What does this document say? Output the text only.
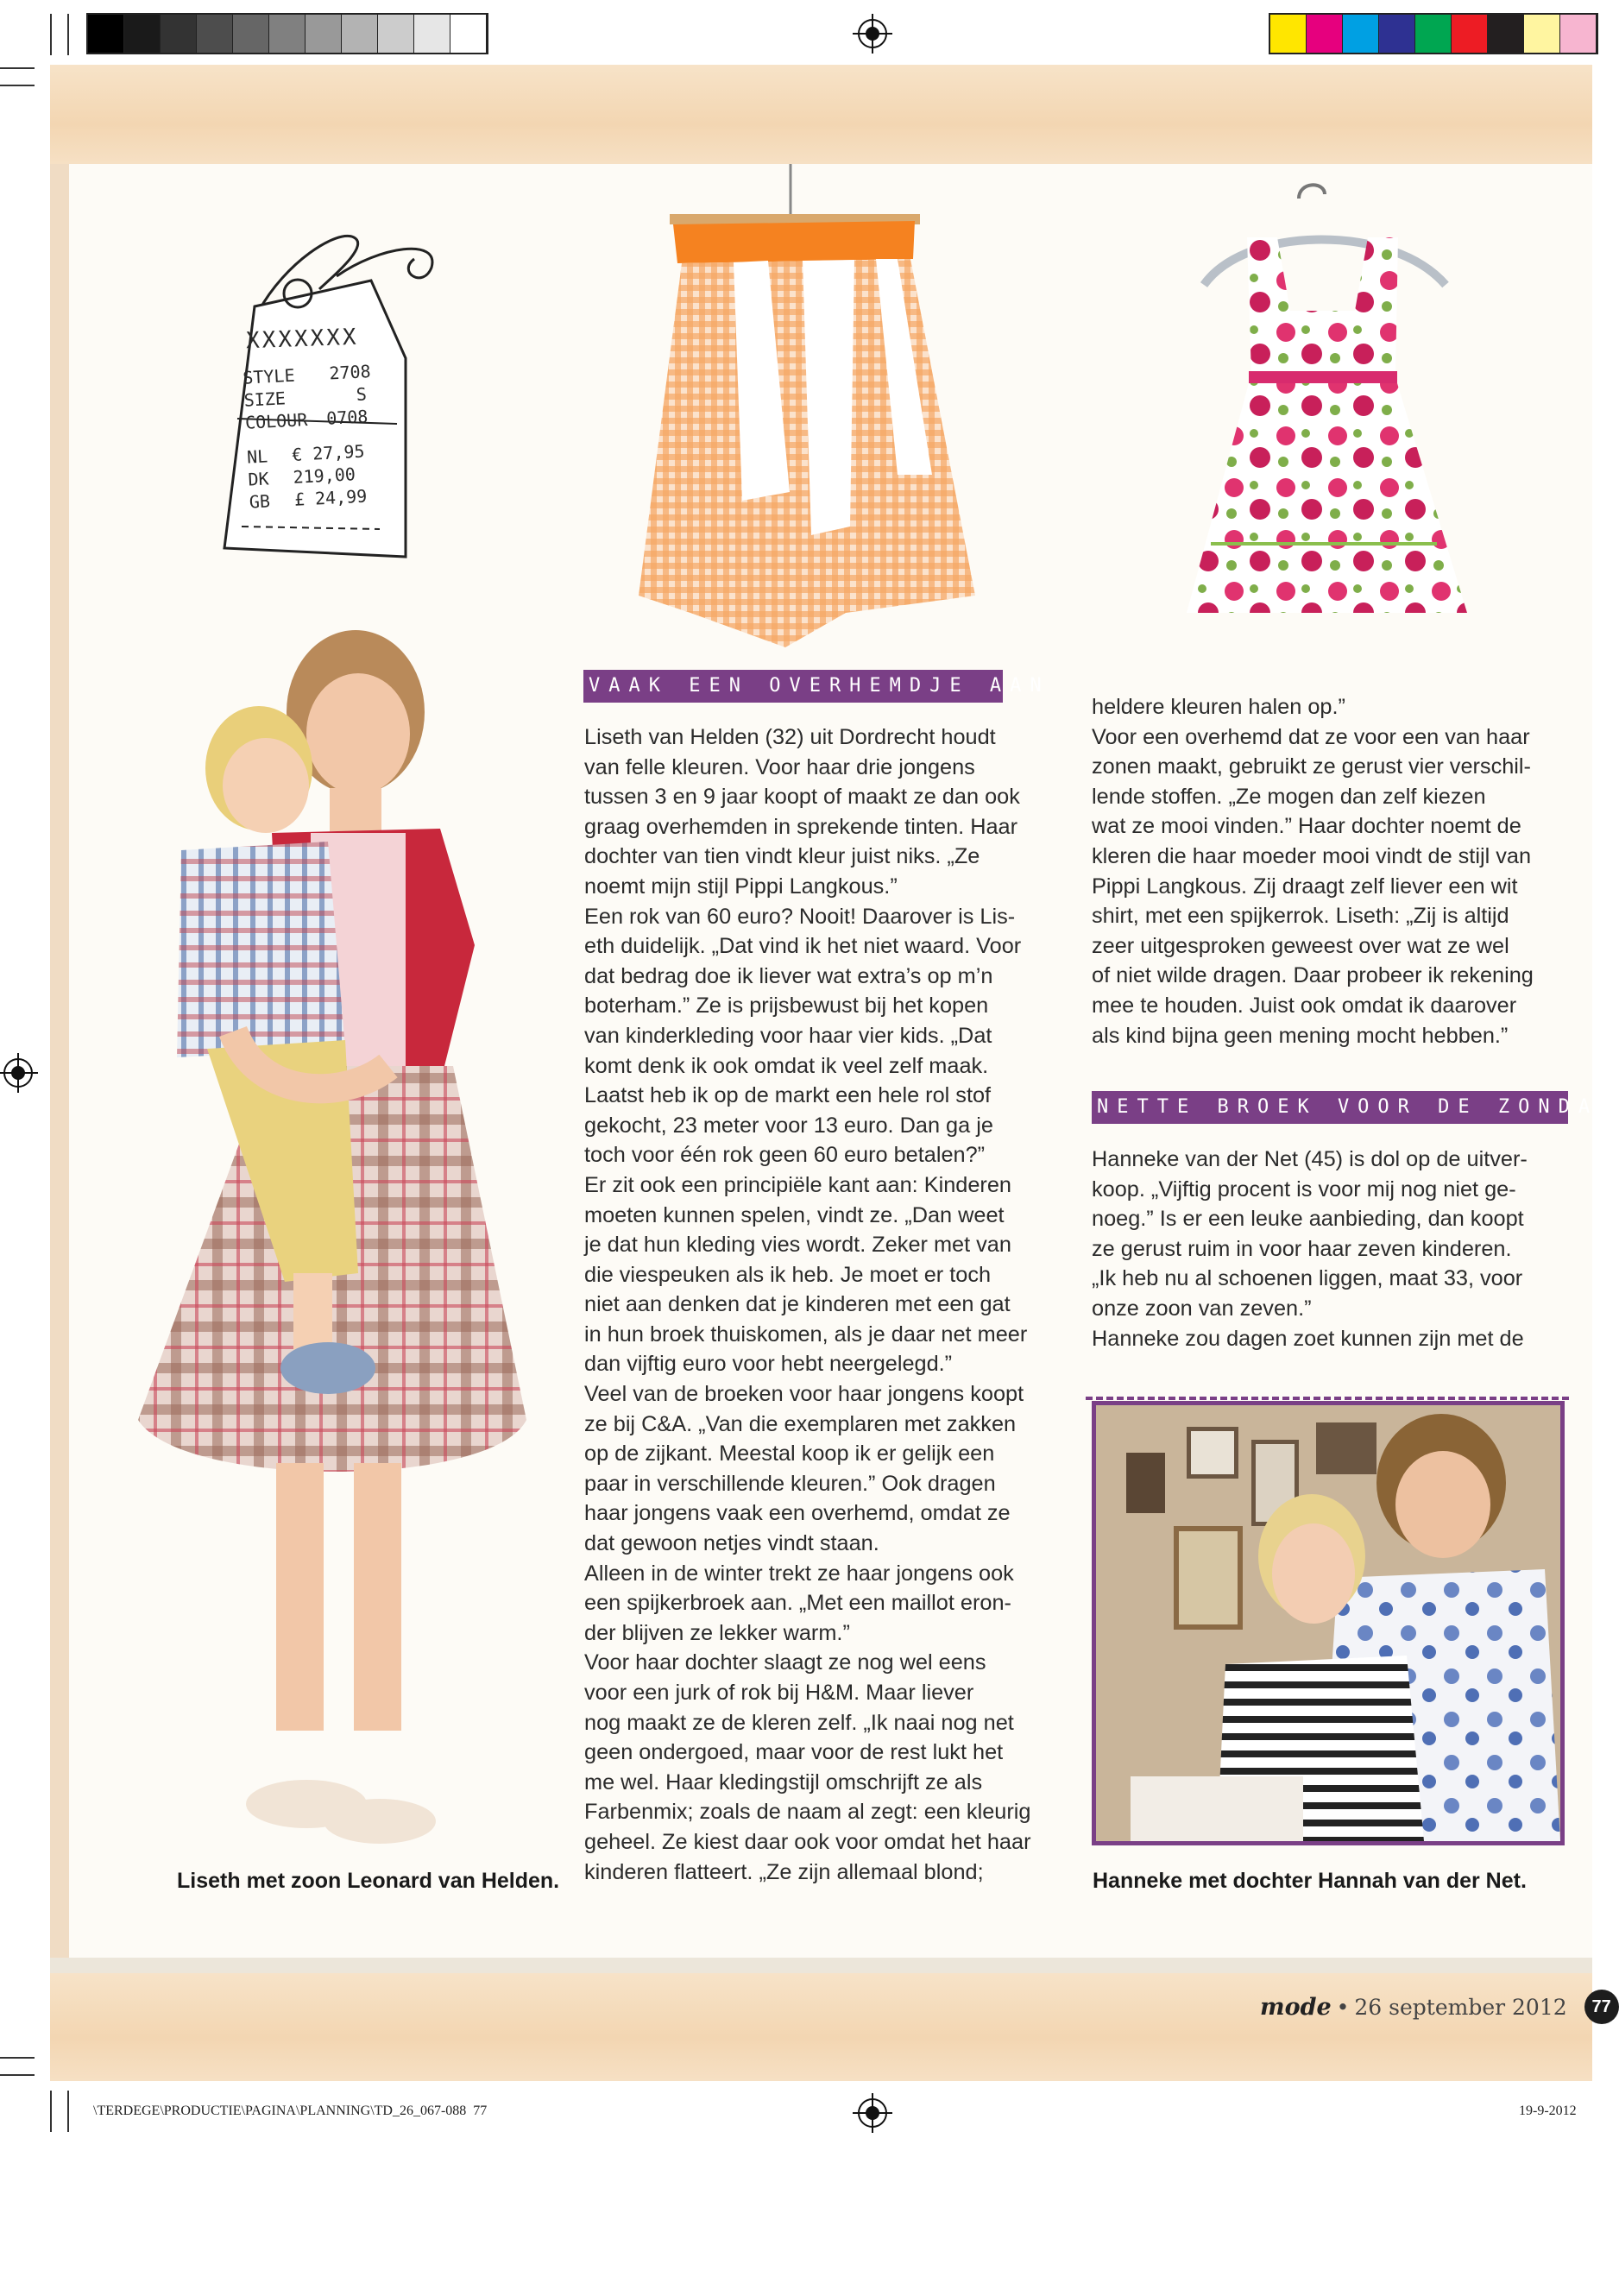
XXXXXXX
STYLE 2708
SIZE	S
COLOUR 0708
NL € 27,95
DK 219,00
GB £ 24,99
Liseth met zoon Leonard van Helden.
VAAK EEN OVERHEMDJE AAN

Liseth van Helden (32) uit Dordrecht houdt

van felle kleuren. Voor haar drie jongens

tussen 3 en 9 jaar koopt of maakt ze dan ook

graag overhemden in sprekende tinten. Haar

dochter van tien vindt kleur juist niks. „Ze

noemt mijn stijl Pippi Langkous.”

Een rok van 60 euro? Nooit! Daarover is Lis-

eth duidelijk. „Dat vind ik het niet waard. Voor

dat bedrag doe ik liever wat extra’s op m’n

boterham.” Ze is prijsbewust bij het kopen

van kinderkleding voor haar vier kids. „Dat

komt denk ik ook omdat ik veel zelf maak.

Laatst heb ik op de markt een hele rol stof

gekocht, 23 meter voor 13 euro. Dan ga je

toch voor één rok geen 60 euro betalen?”

Er zit ook een principiële kant aan: Kinderen

moeten kunnen spelen, vindt ze. „Dan weet

je dat hun kleding vies wordt. Zeker met van

die viespeuken als ik heb. Je moet er toch

niet aan denken dat je kinderen met een gat

in hun broek thuiskomen, als je daar net meer

dan vijftig euro voor hebt neergelegd.”

Veel van de broeken voor haar jongens koopt

ze bij C&A. „Van die exemplaren met zakken

op de zijkant. Meestal koop ik er gelijk een

paar in verschillende kleuren.” Ook dragen

haar jongens vaak een overhemd, omdat ze

dat gewoon netjes vindt staan.

Alleen in de winter trekt ze haar jongens ook

een spijkerbroek aan. „Met een maillot eron-

der blijven ze lekker warm.”

Voor haar dochter slaagt ze nog wel eens

voor een jurk of rok bij H&M. Maar liever

nog maakt ze de kleren zelf. „Ik naai nog net

geen ondergoed, maar voor de rest lukt het

me wel. Haar kledingstijl omschrijft ze als

Farbenmix; zoals de naam al zegt: een kleurig

geheel. Ze kiest daar ook voor omdat het haar

kinderen flatteert. „Ze zijn allemaal blond;

heldere kleuren halen op.”

Voor een overhemd dat ze voor een van haar

zonen maakt, gebruikt ze gerust vier verschil-

lende stoffen. „Ze mogen dan zelf kiezen

wat ze mooi vinden.” Haar dochter noemt de

kleren die haar moeder mooi vindt de stijl van

Pippi Langkous. Zij draagt zelf liever een wit

shirt, met een spijkerrok. Liseth: „Zij is altijd

zeer uitgesproken geweest over wat ze wel

of niet wilde dragen. Daar probeer ik rekening

mee te houden. Juist ook omdat ik daarover

als kind bijna geen mening mocht hebben.”

NETTE BROEK VOOR DE ZONDAG

Hanneke van der Net (45) is dol op de uitver-

koop. „Vijftig procent is voor mij nog niet ge-

noeg.” Is er een leuke aanbieding, dan koopt

ze gerust ruim in voor haar zeven kinderen.

„Ik heb nu al schoenen liggen, maat 33, voor

onze zoon van zeven.”

Hanneke zou dagen zoet kunnen zijn met de

Hanneke met dochter Hannah van der Net.
mode • 26 september 2012	77
\TERDEGE\PRODUCTIE\PAGINA\PLANNING\TD_26_067-088 77	19-9-2012
